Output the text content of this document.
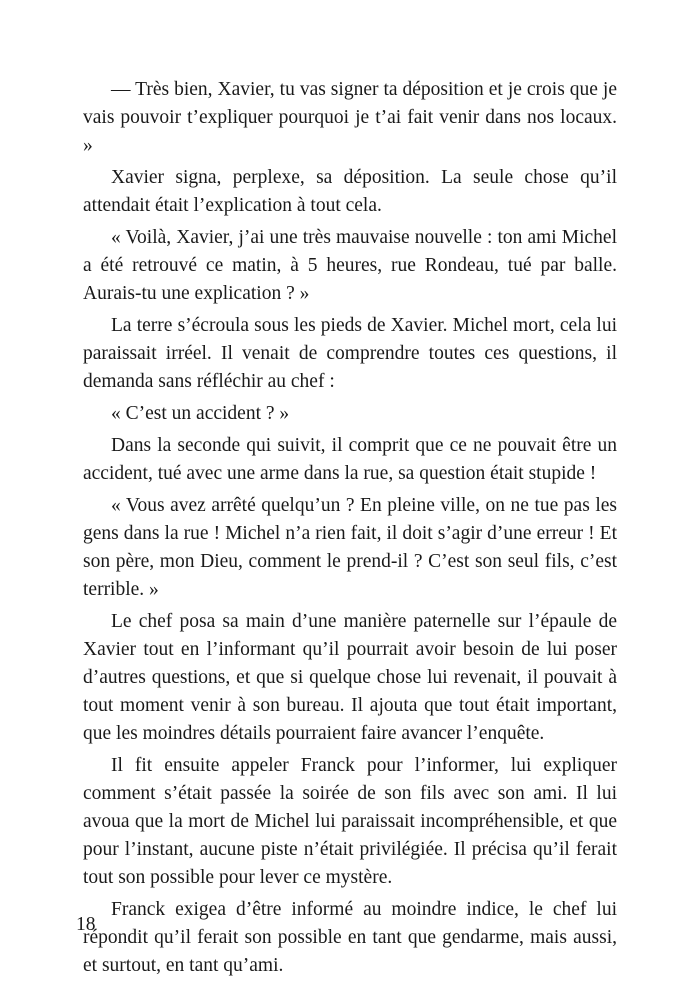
— Très bien, Xavier, tu vas signer ta déposition et je crois que je vais pouvoir t’expliquer pourquoi je t’ai fait venir dans nos locaux. »

Xavier signa, perplexe, sa déposition. La seule chose qu’il attendait était l’explication à tout cela.

« Voilà, Xavier, j’ai une très mauvaise nouvelle : ton ami Michel a été retrouvé ce matin, à 5 heures, rue Rondeau, tué par balle. Aurais-tu une explication ? »

La terre s’écroula sous les pieds de Xavier. Michel mort, cela lui paraissait irréel. Il venait de comprendre toutes ces questions, il demanda sans réfléchir au chef :

« C’est un accident ? »

Dans la seconde qui suivit, il comprit que ce ne pouvait être un accident, tué avec une arme dans la rue, sa question était stupide !

« Vous avez arrêté quelqu’un ? En pleine ville, on ne tue pas les gens dans la rue ! Michel n’a rien fait, il doit s’agir d’une erreur ! Et son père, mon Dieu, comment le prend-il ? C’est son seul fils, c’est terrible. »

Le chef posa sa main d’une manière paternelle sur l’épaule de Xavier tout en l’informant qu’il pourrait avoir besoin de lui poser d’autres questions, et que si quelque chose lui revenait, il pouvait à tout moment venir à son bureau. Il ajouta que tout était important, que les moindres détails pourraient faire avancer l’enquête.

Il fit ensuite appeler Franck pour l’informer, lui expliquer comment s’était passée la soirée de son fils avec son ami. Il lui avoua que la mort de Michel lui paraissait incompréhensible, et que pour l’instant, aucune piste n’était privilégiée. Il précisa qu’il ferait tout son possible pour lever ce mystère.

Franck exigea d’être informé au moindre indice, le chef lui répondit qu’il ferait son possible en tant que gendarme, mais aussi, et surtout, en tant qu’ami.

18
